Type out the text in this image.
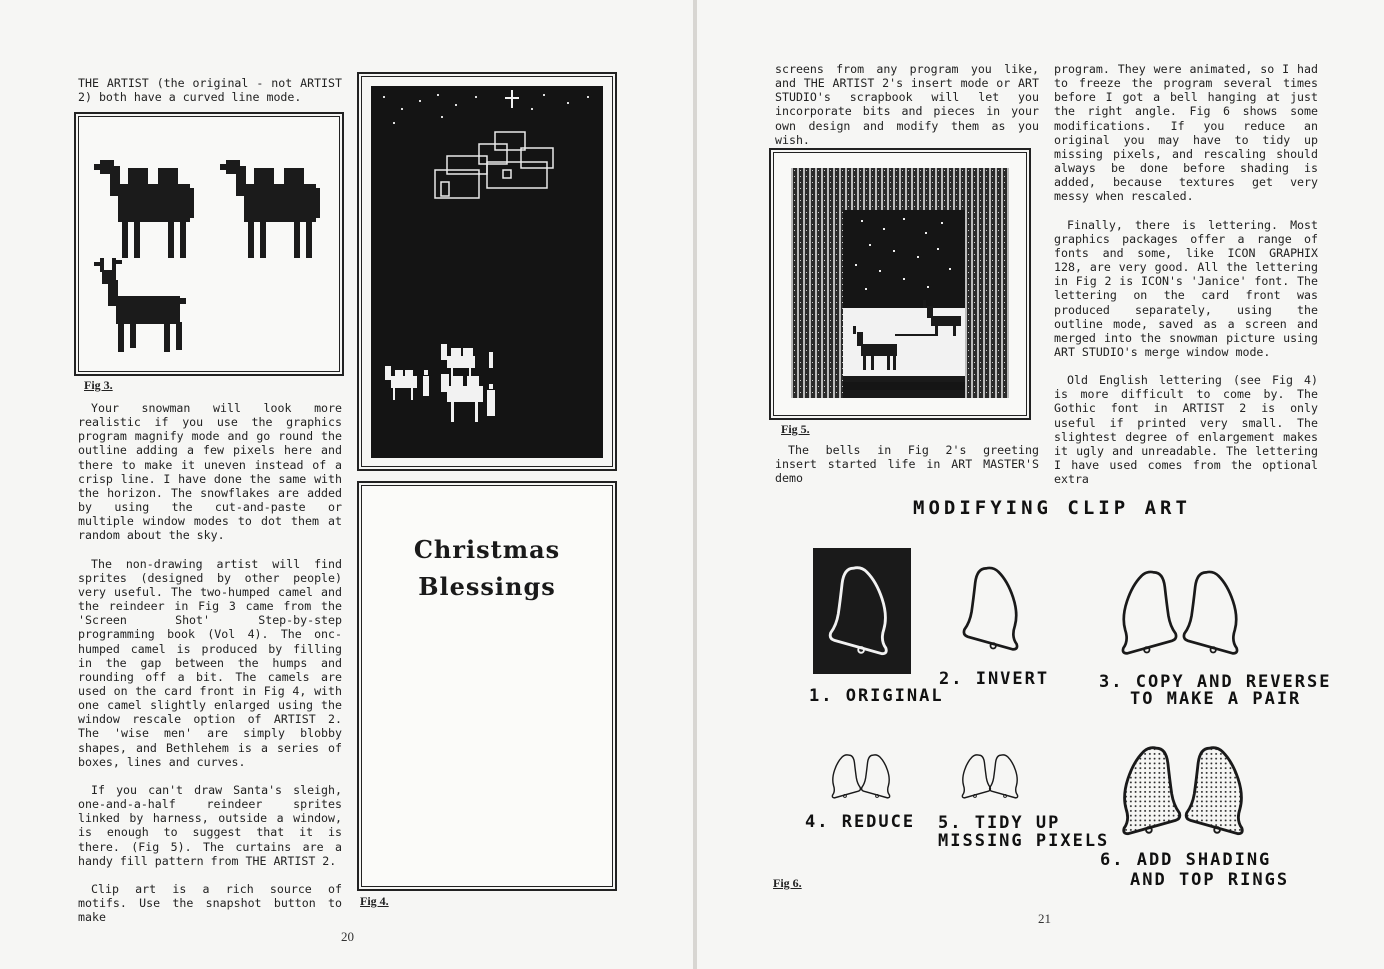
THE ARTIST (the original - not ARTIST 2) both have a curved line mode.

Fig 3.

Your snowman will look more realistic if you use the graphics program magnify mode and go round the outline adding a few pixels here and there to make it uneven instead of a crisp line. I have done the same with the horizon. The snowflakes are added by using the cut-and-paste or multiple window modes to dot them at random about the sky.

The non-drawing artist will find sprites (designed by other people) very useful. The two-humped camel and the reindeer in Fig 3 came from the 'Screen Shot' Step-by-step programming book (Vol 4). The onc-humped camel is produced by filling in the gap between the humps and rounding off a bit. The camels are used on the card front in Fig 4, with one camel slightly enlarged using the window rescale option of ARTIST 2. The 'wise men' are simply blobby shapes, and Bethlehem is a series of boxes, lines and curves.

If you can't draw Santa's sleigh, one-and-a-half reindeer sprites linked by harness, outside a window, is enough to suggest that it is there. (Fig 5). The curtains are a handy fill pattern from THE ARTIST 2.

Clip art is a rich source of motifs. Use the snapshot button to make

Christmas
Blessings
Fig 4.
20

screens from any program you like, and THE ARTIST 2's insert mode or ART STUDIO's scrapbook will let you incorporate bits and pieces in your own design and modify them as you wish.

Fig 5.

The bells in Fig 2's greeting insert started life in ART MASTER'S demo

program. They were animated, so I had to freeze the program several times before I got a bell hanging at just the right angle. Fig 6 shows some modifications. If you reduce an original you may have to tidy up missing pixels, and rescaling should always be done before shading is added, because textures get very messy when rescaled.

Finally, there is lettering. Most graphics packages offer a range of fonts and some, like ICON GRAPHIX 128, are very good. All the lettering in Fig 2 is ICON's 'Janice' font. The lettering on the card front was produced separately, using the outline mode, saved as a screen and merged into the snowman picture using ART STUDIO's merge window mode.

Old English lettering (see Fig 4) is more difficult to come by. The Gothic font in ARTIST 2 is only useful if printed very small. The slightest degree of enlargement makes it ugly and unreadable. The lettering I have used comes from the optional extra

MODIFYING CLIP ART
1. ORIGINAL
2. INVERT	3. COPY AND REVERSE
TO MAKE A PAIR
4. REDUCE 5. TIDY UP
MISSING PIXELS
6. ADD SHADING
AND TOP RINGS
Fig 6.
21
